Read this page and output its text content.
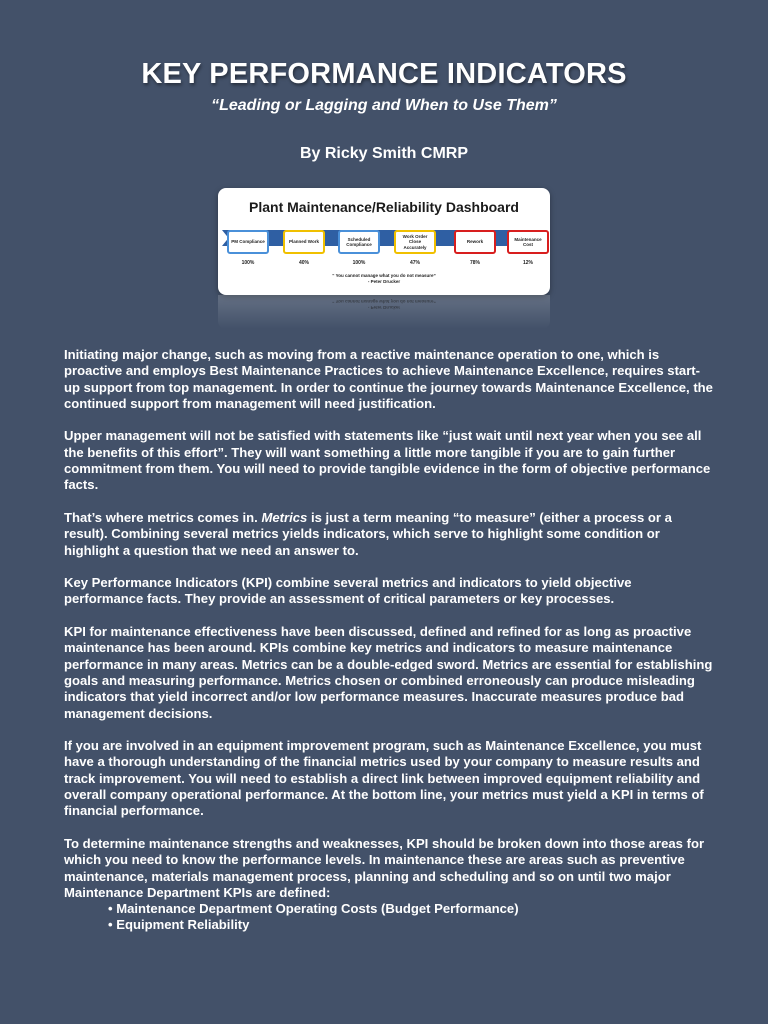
KEY PERFORMANCE INDICATORS
“Leading or Lagging and When to Use Them”
By Ricky Smith CMRP
Plant Maintenance/Reliability Dashboard
PM Compliance	Planned Work
Scheduled Compliance
Work Order Close Accurately
Rework
Maintenance Cost
100%	40%	100%	47%	78%	12%
“ You cannot manage what you do not measure”
- Peter Drucker
- Peter Drucker
“ You cannot manage what you do not measure”

Initiating major change, such as moving from a reactive maintenance operation to one, which is proactive and employs Best Maintenance Practices to achieve Maintenance Excellence, requires start-up support from top management. In order to continue the journey towards Maintenance Excellence, the continued support from management will need justification.

Upper management will not be satisfied with statements like “just wait until next year when you see all the benefits of this effort”. They will want something a little more tangible if you are to gain further commitment from them. You will need to provide tangible evidence in the form of objective performance facts.

That’s where metrics comes in. Metrics is just a term meaning “to measure” (either a process or a result). Combining several metrics yields indicators, which serve to highlight some condition or highlight a question that we need an answer to.

Key Performance Indicators (KPI) combine several metrics and indicators to yield objective performance facts. They provide an assessment of critical parameters or key processes.

KPI for maintenance effectiveness have been discussed, defined and refined for as long as proactive maintenance has been around. KPIs combine key metrics and indicators to measure maintenance performance in many areas. Metrics can be a double-edged sword. Metrics are essential for establishing goals and measuring performance. Metrics chosen or combined erroneously can produce misleading indicators that yield incorrect and/or low performance measures. Inaccurate measures produce bad management decisions.

If you are involved in an equipment improvement program, such as Maintenance Excellence, you must have a thorough understanding of the financial metrics used by your company to measure results and track improvement. You will need to establish a direct link between improved equipment reliability and overall company operational performance. At the bottom line, your metrics must yield a KPI in terms of financial performance.

To determine maintenance strengths and weaknesses, KPI should be broken down into those areas for which you need to know the performance levels. In maintenance these are areas such as preventive maintenance, materials management process, planning and scheduling and so on until two major Maintenance Department KPIs are defined:

• Maintenance Department Operating Costs (Budget Performance)
• Equipment Reliability
